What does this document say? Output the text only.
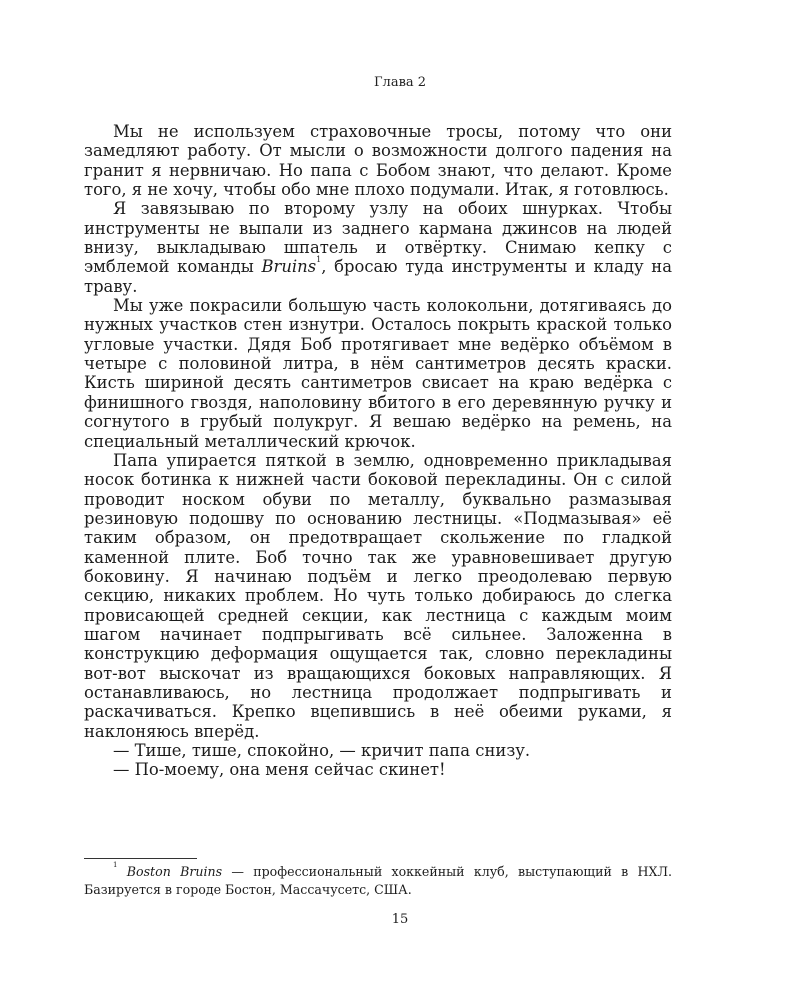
Глава 2

Мы не используем страховочные тросы, потому что они замедляют работу. От мысли о возможности долгого падения на гранит я нервничаю. Но папа с Бобом знают, что делают. Кроме того, я не хочу, чтобы обо мне плохо подумали. Итак, я готовлюсь.

Я завязываю по второму узлу на обоих шнурках. Чтобы инструменты не выпали из заднего кармана джинсов на людей внизу, выкладываю шпатель и отвёртку. Снимаю кепку с эмблемой команды Bruins$^1$, бросаю туда инструменты и кладу на траву.

Мы уже покрасили большую часть колокольни, дотягиваясь до нужных участков стен изнутри. Осталось покрыть краской только угловые участки. Дядя Боб протягивает мне ведёрко объёмом в четыре с половиной литра, в нём сантиметров десять краски. Кисть шириной десять сантиметров свисает на краю ведёрка с финишного гвоздя, наполовину вбитого в его деревянную ручку и согнутого в грубый полукруг. Я вешаю ведёрко на ремень, на специальный металлический крючок.

Папа упирается пяткой в землю, одновременно прикладывая носок ботинка к нижней части боковой перекладины. Он с силой проводит носком обуви по металлу, буквально размазывая резиновую подошву по основанию лестницы. «Подмазывая» её таким образом, он предотвращает скольжение по гладкой каменной плите. Боб точно так же уравновешивает другую боковину. Я начинаю подъём и легко преодолеваю первую секцию, никаких проблем. Но чуть только добираюсь до слегка провисающей средней секции, как лестница с каждым моим шагом начинает подпрыгивать всё сильнее. Заложенна в конструкцию деформация ощущается так, словно перекладины вот-вот выскочат из вращающихся боковых направляющих. Я останавливаюсь, но лестница продолжает подпрыгивать и раскачиваться. Крепко вцепившись в неё обеими руками, я наклоняюсь вперёд.

— Тише, тише, спокойно, — кричит папа снизу.

— По-моему, она меня сейчас скинет!

$^1$ Boston Bruins — профессиональный хоккейный клуб, выступающий в НХЛ. Базируется в городе Бостон, Массачусетс, США.
15
